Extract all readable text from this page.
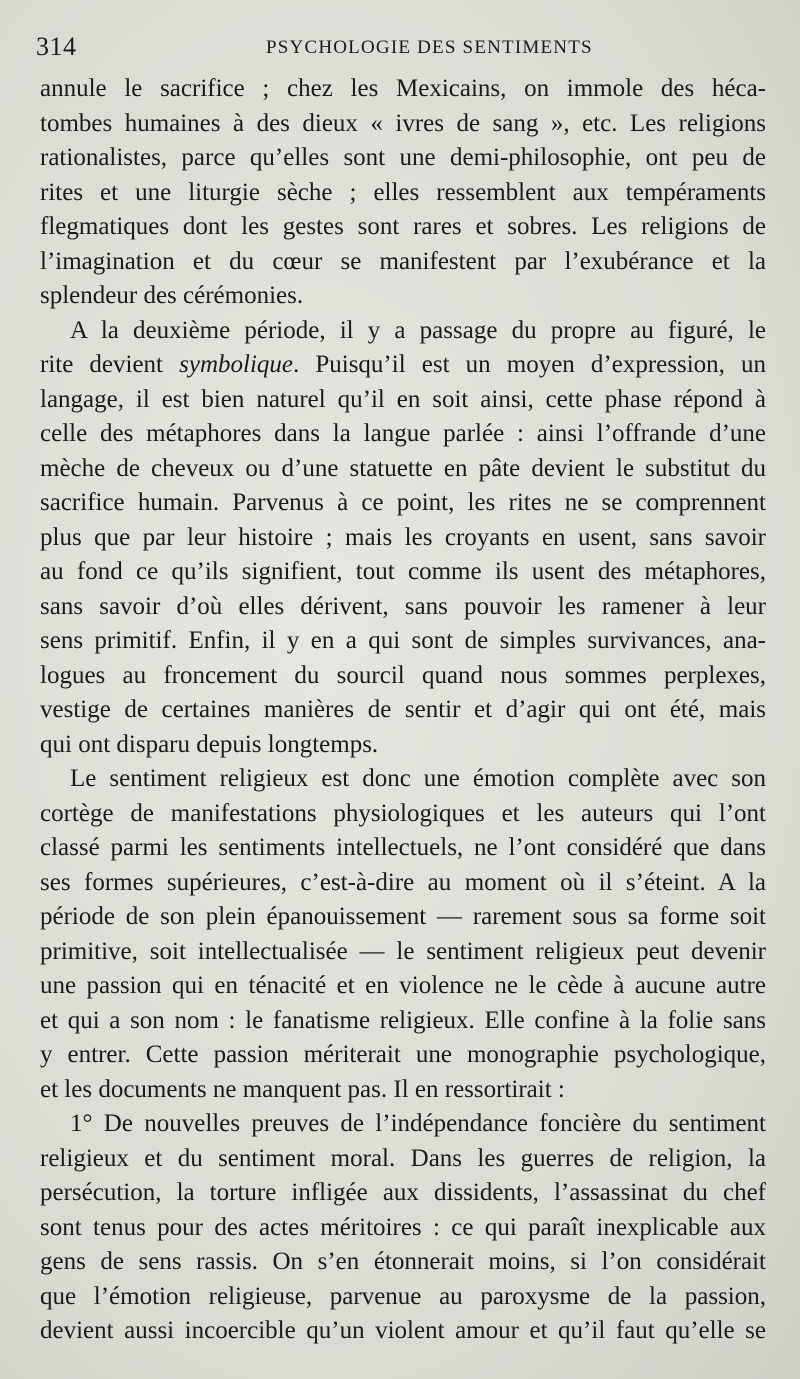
314	PSYCHOLOGIE DES SENTIMENTS
annule le sacrifice ; chez les Mexicains, on immole des héca-
tombes humaines à des dieux « ivres de sang », etc. Les religions
rationalistes, parce qu’elles sont une demi-philosophie, ont peu de
rites et une liturgie sèche ; elles ressemblent aux tempéraments
flegmatiques dont les gestes sont rares et sobres. Les religions de
l’imagination et du cœur se manifestent par l’exubérance et la
splendeur des cérémonies.
A la deuxième période, il y a passage du propre au figuré, le
rite devient symbolique. Puisqu’il est un moyen d’expression, un
langage, il est bien naturel qu’il en soit ainsi, cette phase répond à
celle des métaphores dans la langue parlée : ainsi l’offrande d’une
mèche de cheveux ou d’une statuette en pâte devient le substitut du
sacrifice humain. Parvenus à ce point, les rites ne se comprennent
plus que par leur histoire ; mais les croyants en usent, sans savoir
au fond ce qu’ils signifient, tout comme ils usent des métaphores,
sans savoir d’où elles dérivent, sans pouvoir les ramener à leur
sens primitif. Enfin, il y en a qui sont de simples survivances, ana-
logues au froncement du sourcil quand nous sommes perplexes,
vestige de certaines manières de sentir et d’agir qui ont été, mais
qui ont disparu depuis longtemps.
Le sentiment religieux est donc une émotion complète avec son
cortège de manifestations physiologiques et les auteurs qui l’ont
classé parmi les sentiments intellectuels, ne l’ont considéré que dans
ses formes supérieures, c’est-à-dire au moment où il s’éteint. A la
période de son plein épanouissement — rarement sous sa forme soit
primitive, soit intellectualisée — le sentiment religieux peut devenir
une passion qui en ténacité et en violence ne le cède à aucune autre
et qui a son nom : le fanatisme religieux. Elle confine à la folie sans
y entrer. Cette passion mériterait une monographie psychologique,
et les documents ne manquent pas. Il en ressortirait :
1° De nouvelles preuves de l’indépendance foncière du sentiment
religieux et du sentiment moral. Dans les guerres de religion, la
persécution, la torture infligée aux dissidents, l’assassinat du chef
sont tenus pour des actes méritoires : ce qui paraît inexplicable aux
gens de sens rassis. On s’en étonnerait moins, si l’on considérait
que l’émotion religieuse, parvenue au paroxysme de la passion,
devient aussi incoercible qu’un violent amour et qu’il faut qu’elle se
